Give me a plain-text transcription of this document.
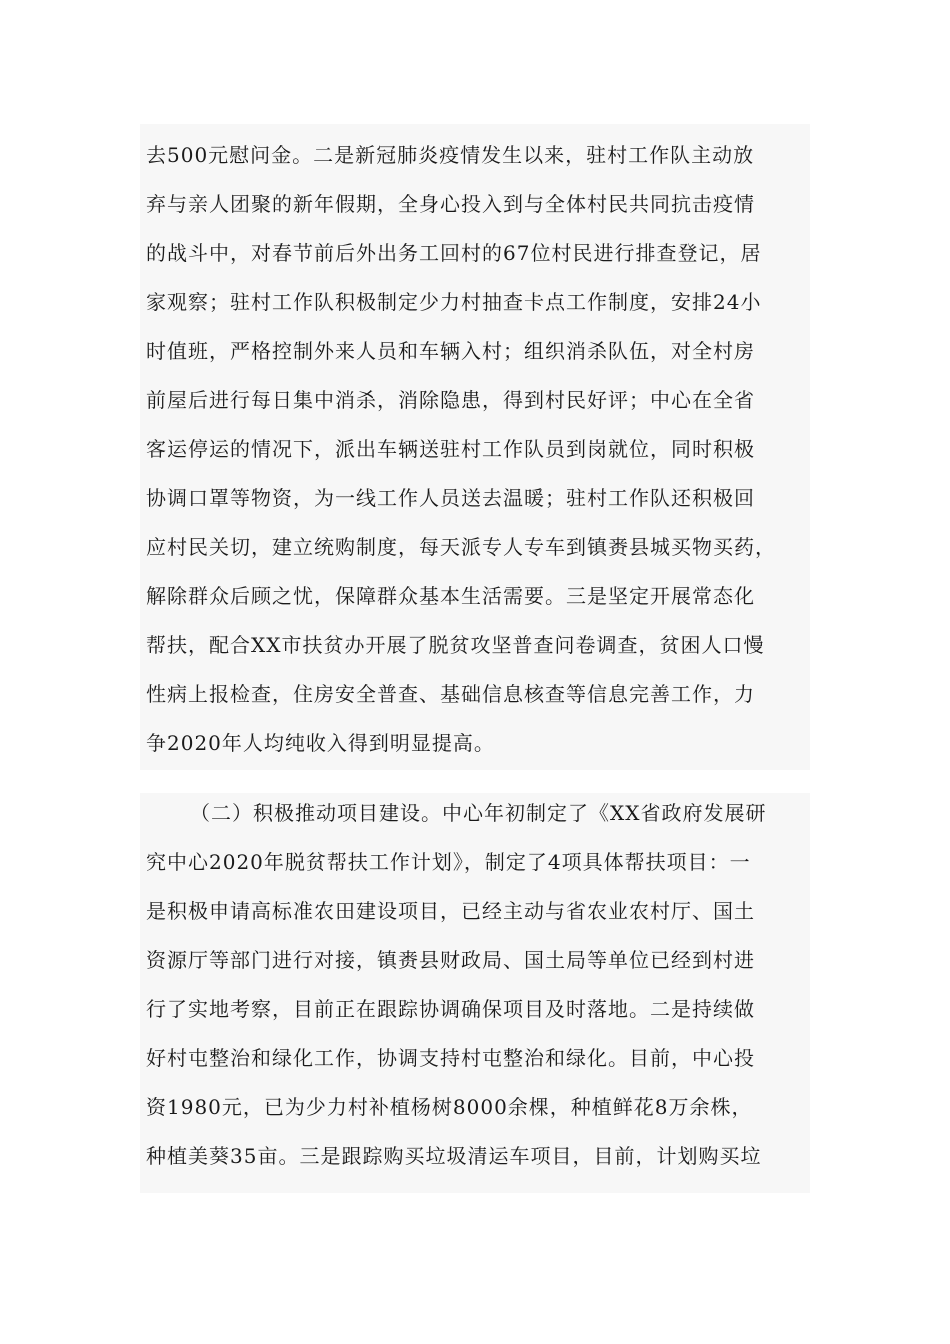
去500元慰问金。二是新冠肺炎疫情发生以来，驻村工作队主动放
弃与亲人团聚的新年假期，全身心投入到与全体村民共同抗击疫情
的战斗中，对春节前后外出务工回村的67位村民进行排查登记，居
家观察；驻村工作队积极制定少力村抽查卡点工作制度，安排24小
时值班，严格控制外来人员和车辆入村；组织消杀队伍，对全村房
前屋后进行每日集中消杀，消除隐患，得到村民好评；中心在全省
客运停运的情况下，派出车辆送驻村工作队员到岗就位，同时积极
协调口罩等物资，为一线工作人员送去温暖；驻村工作队还积极回
应村民关切，建立统购制度，每天派专人专车到镇赉县城买物买药，
解除群众后顾之忧，保障群众基本生活需要。三是坚定开展常态化
帮扶，配合XX市扶贫办开展了脱贫攻坚普查问卷调查，贫困人口慢
性病上报检查，住房安全普查、基础信息核查等信息完善工作，力
争2020年人均纯收入得到明显提高。
（二）积极推动项目建设。中心年初制定了《XX省政府发展研
究中心2020年脱贫帮扶工作计划》，制定了4项具体帮扶项目：一
是积极申请高标准农田建设项目，已经主动与省农业农村厅、国土
资源厅等部门进行对接，镇赉县财政局、国土局等单位已经到村进
行了实地考察，目前正在跟踪协调确保项目及时落地。二是持续做
好村屯整治和绿化工作，协调支持村屯整治和绿化。目前，中心投
资1980元，已为少力村补植杨树8000余棵，种植鲜花8万余株，
种植美葵35亩。三是跟踪购买垃圾清运车项目，目前，计划购买垃
